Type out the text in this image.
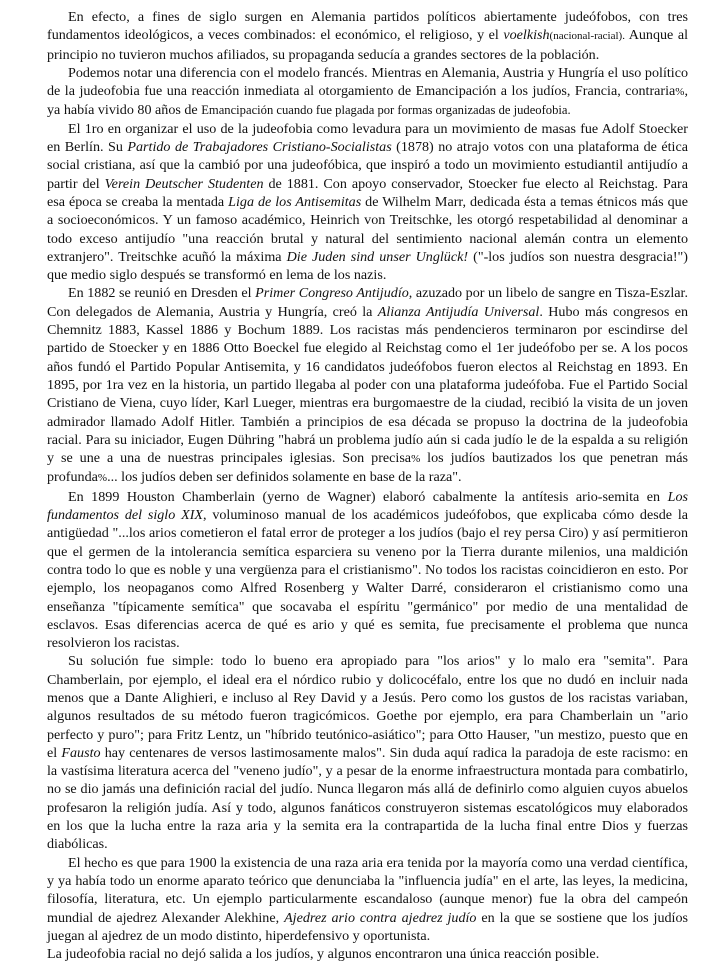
En efecto, a fines de siglo surgen en Alemania partidos políticos abiertamente judeófobos, con tres fundamentos ideológicos, a veces combinados: el económico, el religioso, y el voelkish(nacional-racial). Aunque al principio no tuvieron muchos afiliados, su propaganda seducía a grandes sectores de la población.

Podemos notar una diferencia con el modelo francés. Mientras en Alemania, Austria y Hungría el uso político de la judeofobia fue una reacción inmediata al otorgamiento de Emancipación a los judíos, Francia, contraria%, ya había vivido 80 años de Emancipación cuando fue plagada por formas organizadas de judeofobia.

El 1ro en organizar el uso de la judeofobia como levadura para un movimiento de masas fue Adolf Stoecker en Berlín. Su Partido de Trabajadores Cristiano-Socialistas (1878) no atrajo votos con una plataforma de ética social cristiana, así que la cambió por una judeofóbica, que inspiró a todo un movimiento estudiantil antijudío a partir del Verein Deutscher Studenten de 1881. Con apoyo conservador, Stoecker fue electo al Reichstag. Para esa época se creaba la mentada Liga de los Antisemitas de Wilhelm Marr, dedicada ésta a temas étnicos más que a socioeconómicos. Y un famoso académico, Heinrich von Treitschke, les otorgó respetabilidad al denominar a todo exceso antijudío "una reacción brutal y natural del sentimiento nacional alemán contra un elemento extranjero". Treitschke acuñó la máxima Die Juden sind unser Unglück! ("-los judíos son nuestra desgracia!") que medio siglo después se transformó en lema de los nazis.

En 1882 se reunió en Dresden el Primer Congreso Antijudío, azuzado por un libelo de sangre en Tisza-Eszlar. Con delegados de Alemania, Austria y Hungría, creó la Alianza Antijudía Universal. Hubo más congresos en Chemnitz 1883, Kassel 1886 y Bochum 1889. Los racistas más pendencieros terminaron por escindirse del partido de Stoecker y en 1886 Otto Boeckel fue elegido al Reichstag como el 1er judeófobo per se. A los pocos años fundó el Partido Popular Antisemita, y 16 candidatos judeófobos fueron electos al Reichstag en 1893. En 1895, por 1ra vez en la historia, un partido llegaba al poder con una plataforma judeófoba. Fue el Partido Social Cristiano de Viena, cuyo líder, Karl Lueger, mientras era burgomaestre de la ciudad, recibió la visita de un joven admirador llamado Adolf Hitler. También a principios de esa década se propuso la doctrina de la judeofobia racial. Para su iniciador, Eugen Dühring "habrá un problema judío aún si cada judío le de la espalda a su religión y se une a una de nuestras principales iglesias. Son precisa% los judíos bautizados los que penetran más profunda%... los judíos deben ser definidos solamente en base de la raza".

En 1899 Houston Chamberlain (yerno de Wagner) elaboró cabalmente la antítesis ario-semita en Los fundamentos del siglo XIX, voluminoso manual de los académicos judeófobos, que explicaba cómo desde la antigüedad "...los arios cometieron el fatal error de proteger a los judíos (bajo el rey persa Ciro) y así permitieron que el germen de la intolerancia semítica esparciera su veneno por la Tierra durante milenios, una maldición contra todo lo que es noble y una vergüenza para el cristianismo". No todos los racistas coincidieron en esto. Por ejemplo, los neopaganos como Alfred Rosenberg y Walter Darré, consideraron el cristianismo como una enseñanza "típicamente semítica" que socavaba el espíritu "germánico" por medio de una mentalidad de esclavos. Esas diferencias acerca de qué es ario y qué es semita, fue precisamente el problema que nunca resolvieron los racistas.

Su solución fue simple: todo lo bueno era apropiado para "los arios" y lo malo era "semita". Para Chamberlain, por ejemplo, el ideal era el nórdico rubio y dolicocéfalo, entre los que no dudó en incluir nada menos que a Dante Alighieri, e incluso al Rey David y a Jesús. Pero como los gustos de los racistas variaban, algunos resultados de su método fueron tragicómicos. Goethe por ejemplo, era para Chamberlain un "ario perfecto y puro"; para Fritz Lentz, un "híbrido teutónico-asiático"; para Otto Hauser, "un mestizo, puesto que en el Fausto hay centenares de versos lastimosamente malos". Sin duda aquí radica la paradoja de este racismo: en la vastísima literatura acerca del "veneno judío", y a pesar de la enorme infraestructura montada para combatirlo, no se dio jamás una definición racial del judío. Nunca llegaron más allá de definirlo como alguien cuyos abuelos profesaron la religión judía. Así y todo, algunos fanáticos construyeron sistemas escatológicos muy elaborados en los que la lucha entre la raza aria y la semita era la contrapartida de la lucha final entre Dios y fuerzas diabólicas.

El hecho es que para 1900 la existencia de una raza aria era tenida por la mayoría como una verdad científica, y ya había todo un enorme aparato teórico que denunciaba la "influencia judía" en el arte, las leyes, la medicina, filosofía, literatura, etc. Un ejemplo particularmente escandaloso (aunque menor) fue la obra del campeón mundial de ajedrez Alexander Alekhine, Ajedrez ario contra ajedrez judío en la que se sostiene que los judíos juegan al ajedrez de un modo distinto, hiperdefensivo y oportunista.

La judeofobia racial no dejó salida a los judíos, y algunos encontraron una única reacción posible.
